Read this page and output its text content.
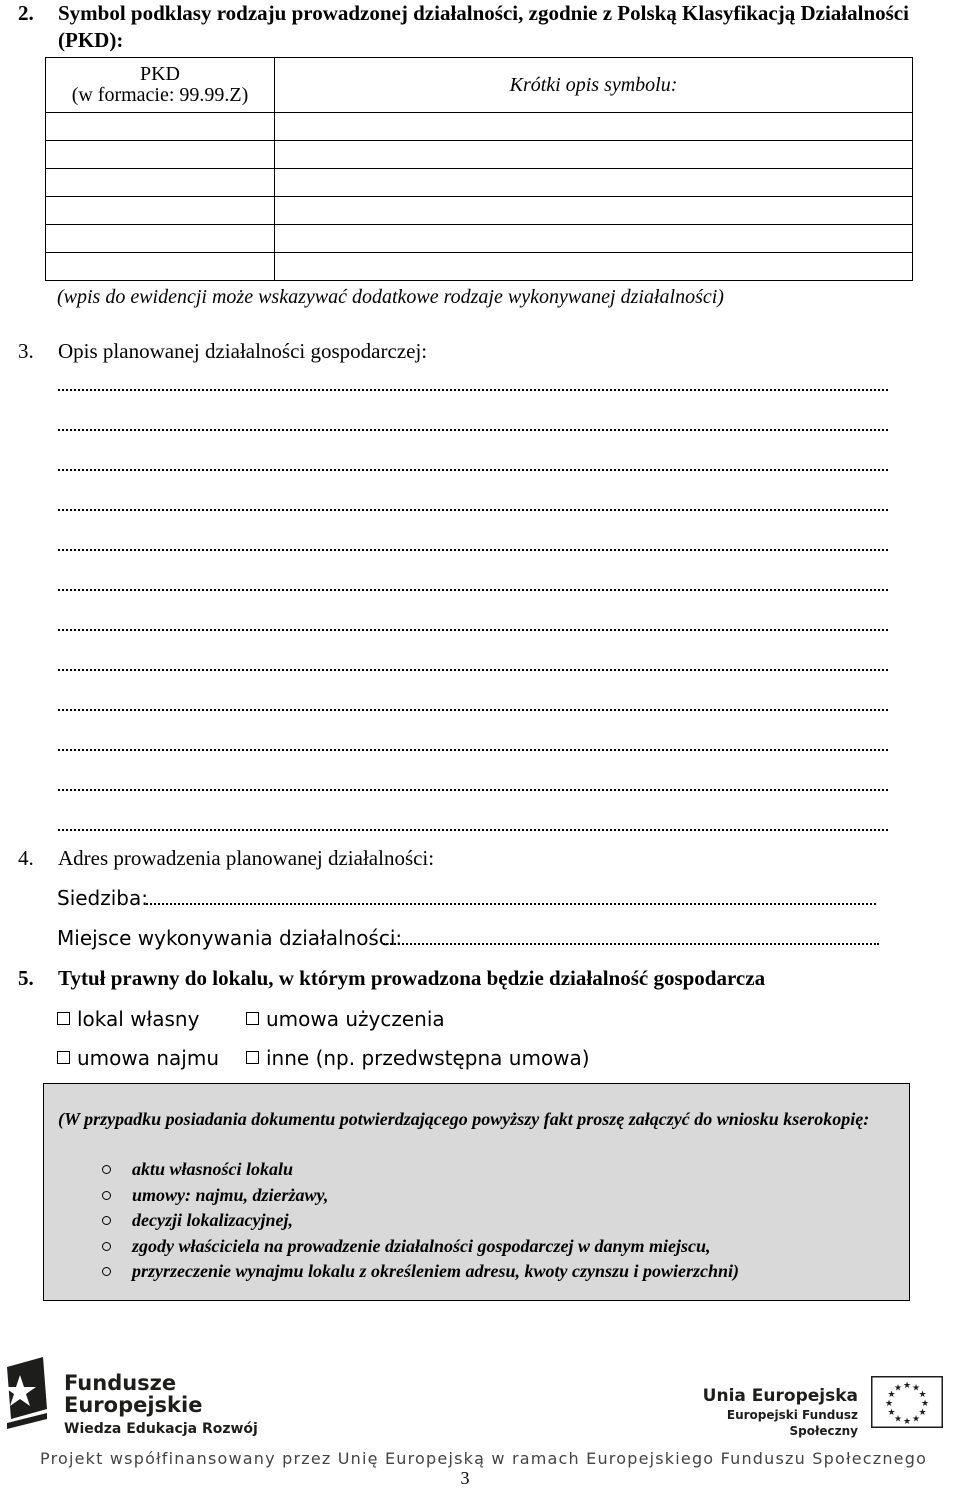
2. Symbol podklasy rodzaju prowadzonej działalności, zgodnie z Polską Klasyfikacją Działalności (PKD):
PKD
(w formacie: 99.99.Z)	Krótki opis symbolu:

(wpis do ewidencji może wskazywać dodatkowe rodzaje wykonywanej działalności)
3. Opis planowanej działalności gospodarczej:
4. Adres prowadzenia planowanej działalności:
Siedziba:
Miejsce wykonywania działalności:
5. Tytuł prawny do lokalu, w którym prowadzona będzie działalność gospodarcza
lokal własny	umowa użyczenia
umowa najmu	inne (np. przedwstępna umowa)
(W przypadku posiadania dokumentu potwierdzającego powyższy fakt proszę załączyć do wniosku kserokopię:
aktu własności lokalu
umowy: najmu, dzierżawy,
decyzji lokalizacyjnej,
zgody właściciela na prowadzenie działalności gospodarczej w danym miejscu,
przyrzeczenie wynajmu lokalu z określeniem adresu, kwoty czynszu i powierzchni)
Fundusze
Europejskie
Wiedza Edukacja Rozwój
Unia Europejska
Europejski Fundusz Społeczny
★ ★
★
★
★
★
★
★
★
★
★
★
Projekt współfinansowany przez Unię Europejską w ramach Europejskiego Funduszu Społecznego
3
